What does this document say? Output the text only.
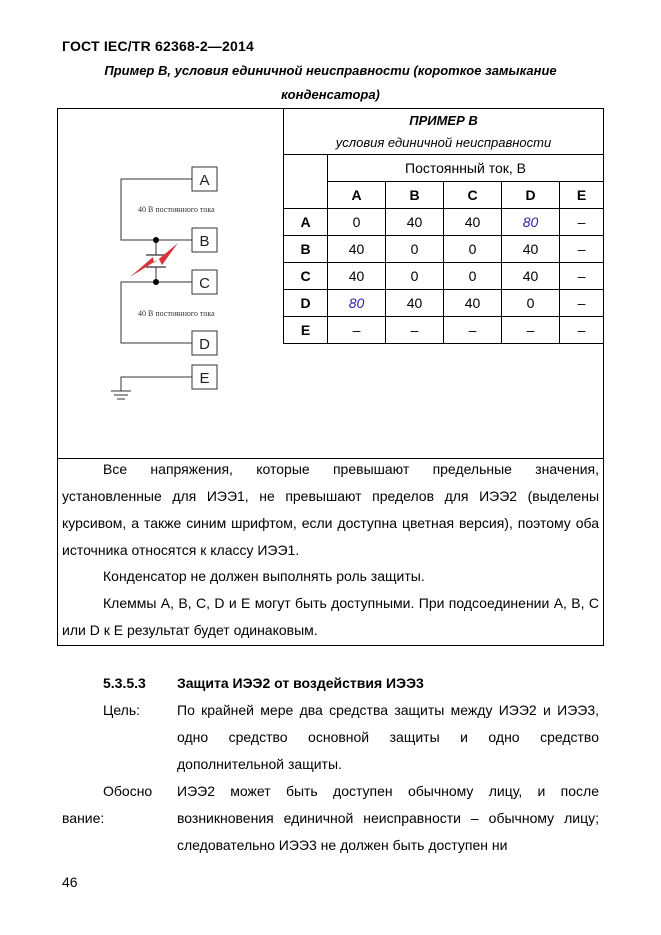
ГОСТ IEC/TR 62368-2—2014
Пример B, условия единичной неисправности (короткое замыкание
конденсатора)
40 В постоянного тока
40 В постоянного тока
A
B
C
D
E
ПРИМЕР B					
условия единичной неисправности					
	Постоянный ток, В				
	A	B	C	D	E
A	0	40	40	80	–
B	40	0	0	40	–
C	40	0	0	40	–
D	80	40	40	0	–
E	–	–	–	–	–
Все напряжения, которые превышают предельные значения, установленные для ИЭЭ1, не превышают пределов для ИЭЭ2 (выделены курсивом, а также синим шрифтом, если доступна цветная версия), поэтому оба источника относятся к классу ИЭЭ1.
Конденсатор не должен выполнять роль защиты.
Клеммы A, B, C, D и E могут быть доступными. При подсоединении A, B, C или D к E результат будет одинаковым.
5.3.5.3 Защита ИЭЭ2 от воздействия ИЭЭ3
Цель:	По крайней мере два средства защиты между ИЭЭ2 и ИЭЭ3, одно средство основной защиты и одно средство дополнительной защиты.
Обосно
вание:
ИЭЭ2 может быть доступен обычному лицу, и после возникновения единичной неисправности – обычному лицу; следовательно ИЭЭ3 не должен быть доступен ни
46
